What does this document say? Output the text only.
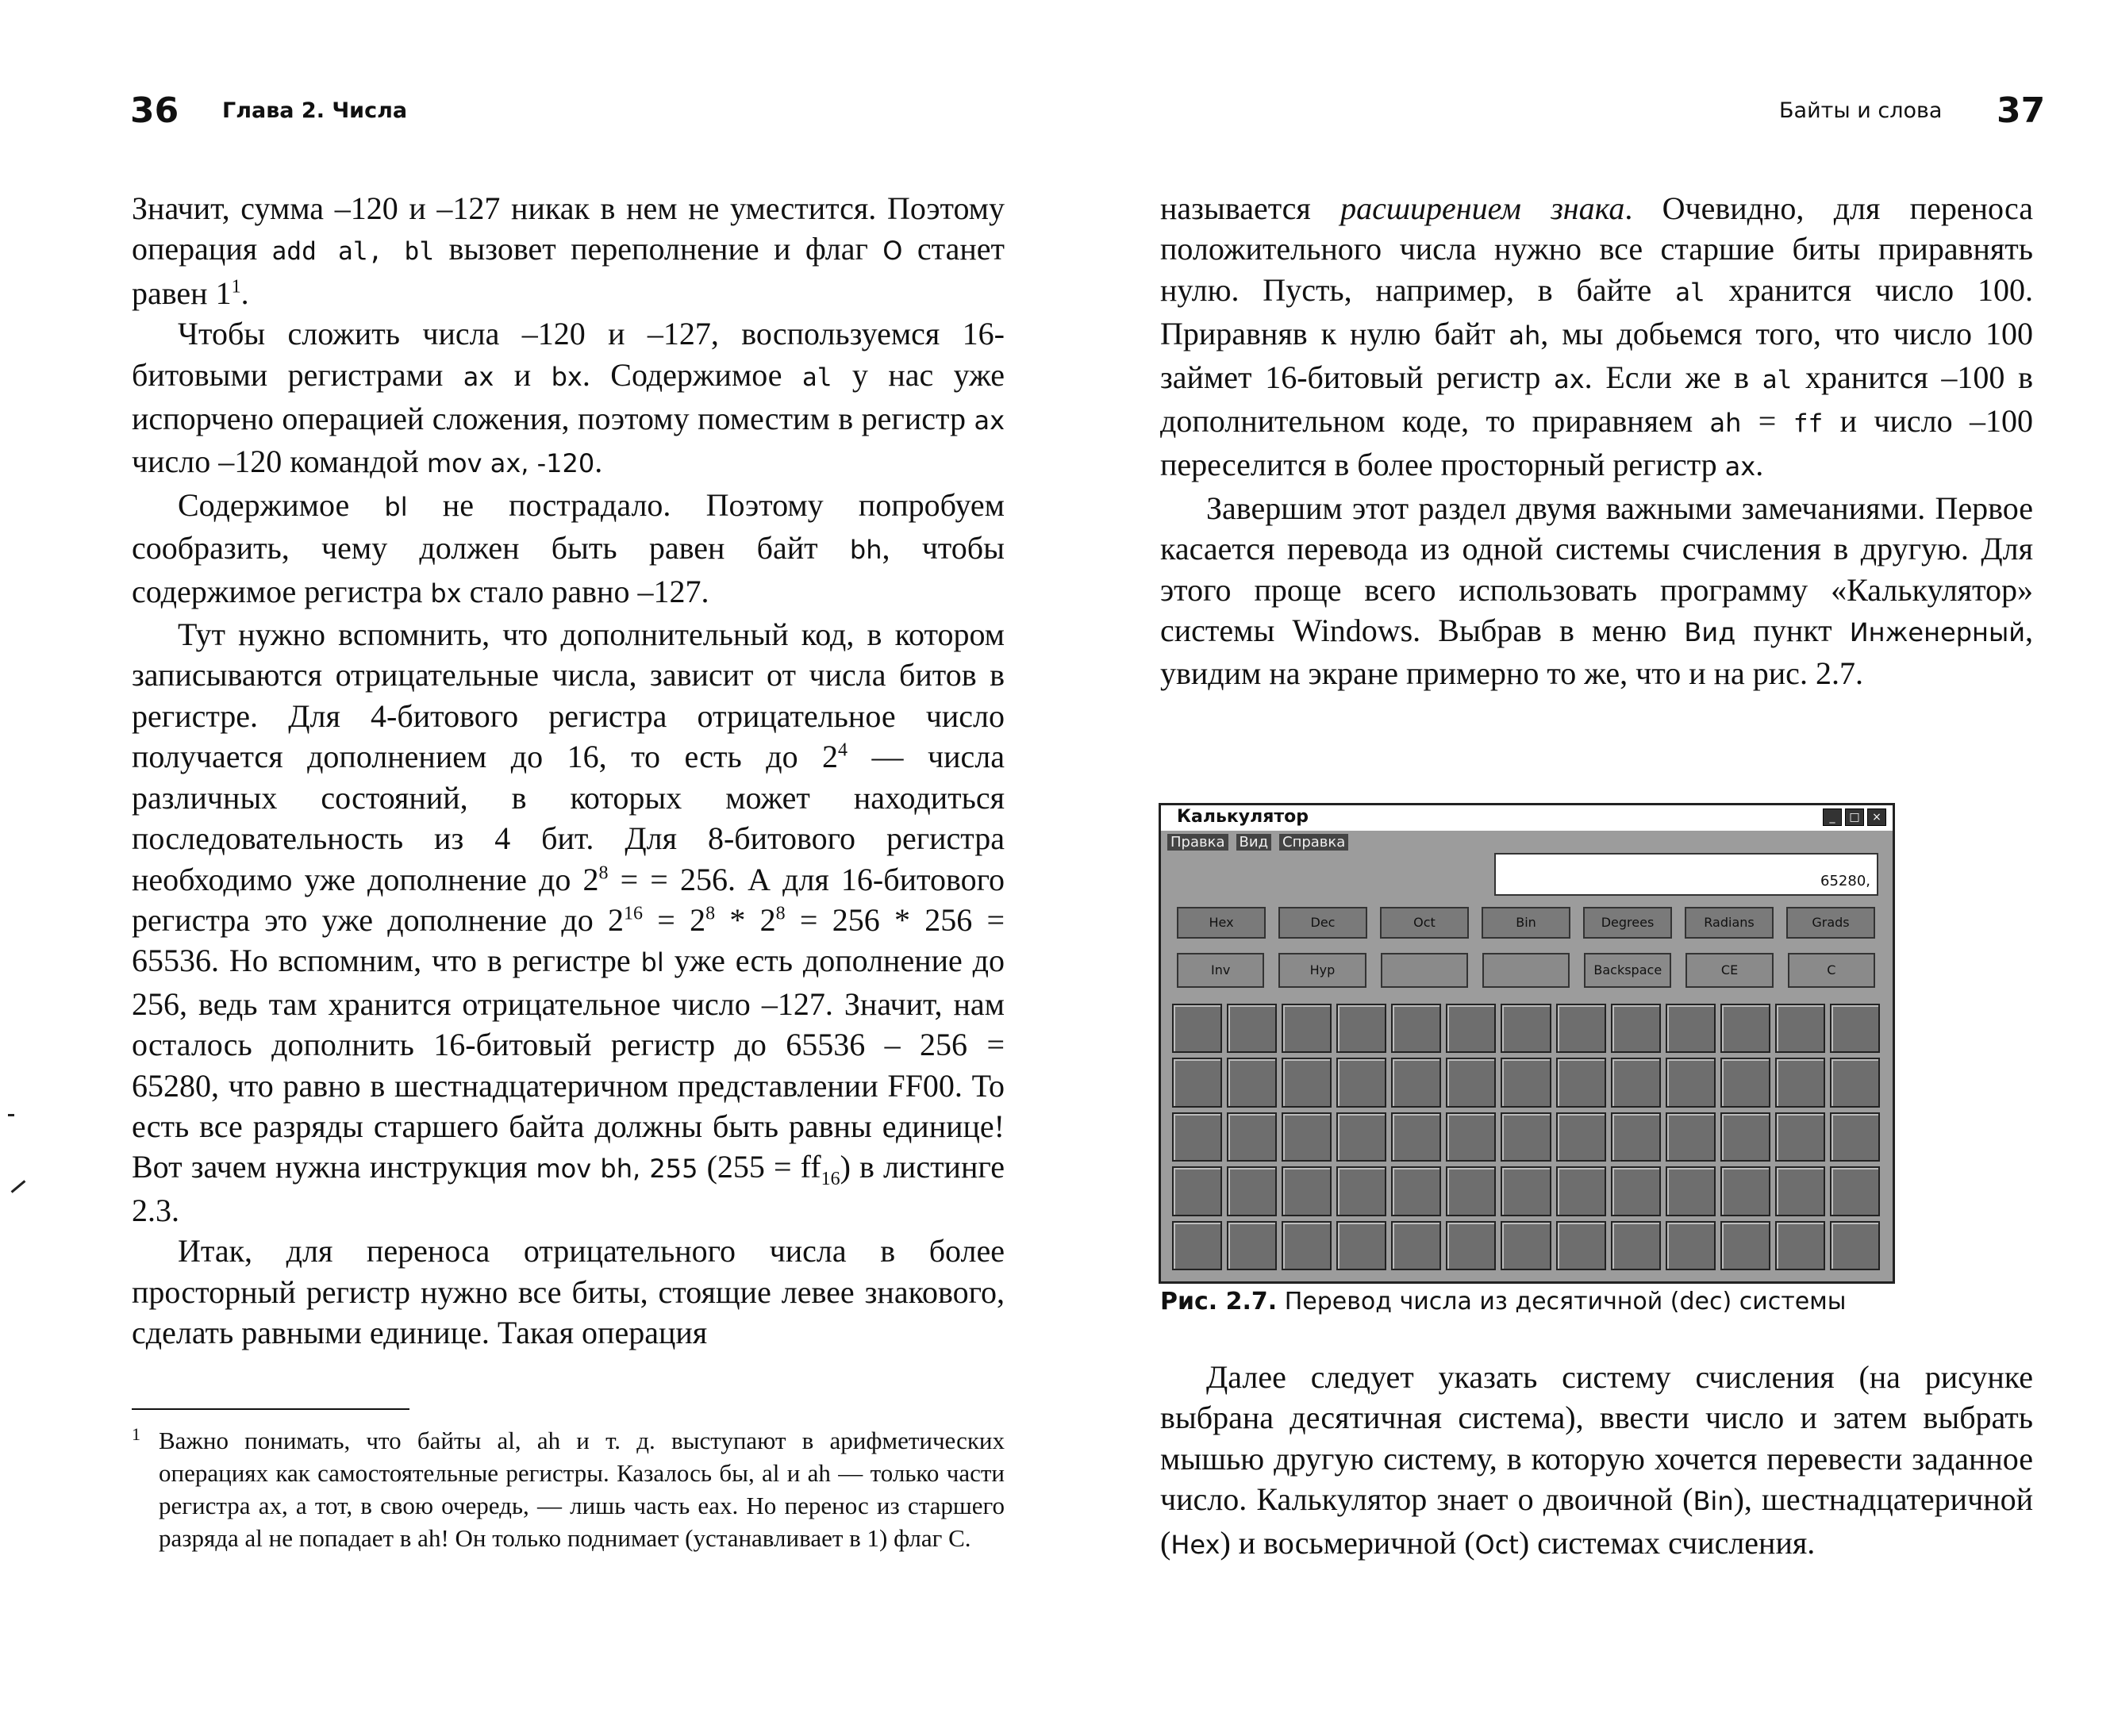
36 Глава 2. Числа	Байты и слова 37

Значит, сумма –120 и –127 никак в нем не уместится. Поэтому операция add al, bl вызовет переполнение и флаг O станет равен $1^1$.

Чтобы сложить числа –120 и –127, воспользуемся 16-битовыми регистрами ax и bx. Содержимое al у нас уже испорчено операцией сложения, поэтому поместим в регистр ax число –120 командой mov ax, -120.

Содержимое bl не пострадало. Поэтому попробуем сообразить, чему должен быть равен байт bh, чтобы содержимое регистра bx стало равно –127.

Тут нужно вспомнить, что дополнительный код, в котором записываются отрицательные числа, зависит от числа битов в регистре. Для 4-битового регистра отрицательное число получается дополнением до 16, то есть до $2^4$ — числа различных состояний, в которых может находиться последовательность из 4 бит. Для 8-битового регистра необходимо уже дополнение до $2^8$ = = 256. А для 16-битового регистра это уже дополнение до $2^{16} = 2^8 * 2^8 = 256 * 256 = 65536$. Но вспомним, что в регистре bl уже есть дополнение до 256, ведь там хранится отрицательное число –127. Значит, нам осталось дополнить 16-битовый регистр до 65536 – 256 = 65280, что равно в шестнадцатеричном представлении FF00. То есть все разряды старшего байта должны быть равны единице! Вот зачем нужна инструкция mov bh, 255 $(255 = ff_{16})$ в листинге 2.3.

Итак, для переноса отрицательного числа в более просторный регистр нужно все биты, стоящие левее знакового, сделать равными единице. Такая операция

1 Важно понимать, что байты al, ah и т. д. выступают в арифметических операциях как самостоятельные регистры. Казалось бы, al и ah — только части регистра ax, а тот, в свою очередь, — лишь часть eax. Но перенос из старшего разряда al не попадает в ah! Он только поднимает (устанавливает в 1) флаг C.

называется расширением знака. Очевидно, для переноса положительного числа нужно все старшие биты приравнять нулю. Пусть, например, в байте al хранится число 100. Приравняв к нулю байт ah, мы добьемся того, что число 100 займет 16-битовый регистр ax. Если же в al хранится –100 в дополнительном коде, то приравняем ah = ff и число –100 переселится в более просторный регистр ax.

Завершим этот раздел двумя важными замечаниями. Первое касается перевода из одной системы счисления в другую. Для этого проще всего использовать программу «Калькулятор» системы Windows. Выбрав в меню Вид пункт Инженерный, увидим на экране примерно то же, что и на рис. 2.7.

Калькулятор	_	□	×
Правка Вид Справка
65280,
Hex	Dec	Oct	Bin	Degrees	Radians	Grads
Inv	Hyp	Backspace	CE	C
Рис. 2.7. Перевод числа из десятичной (dec) системы

Далее следует указать систему счисления (на рисунке выбрана десятичная система), ввести число и затем выбрать мышью другую систему, в которую хочется перевести заданное число. Калькулятор знает о двоичной (Bin), шестнадцатеричной (Hex) и восьмеричной (Oct) системах счисления.
